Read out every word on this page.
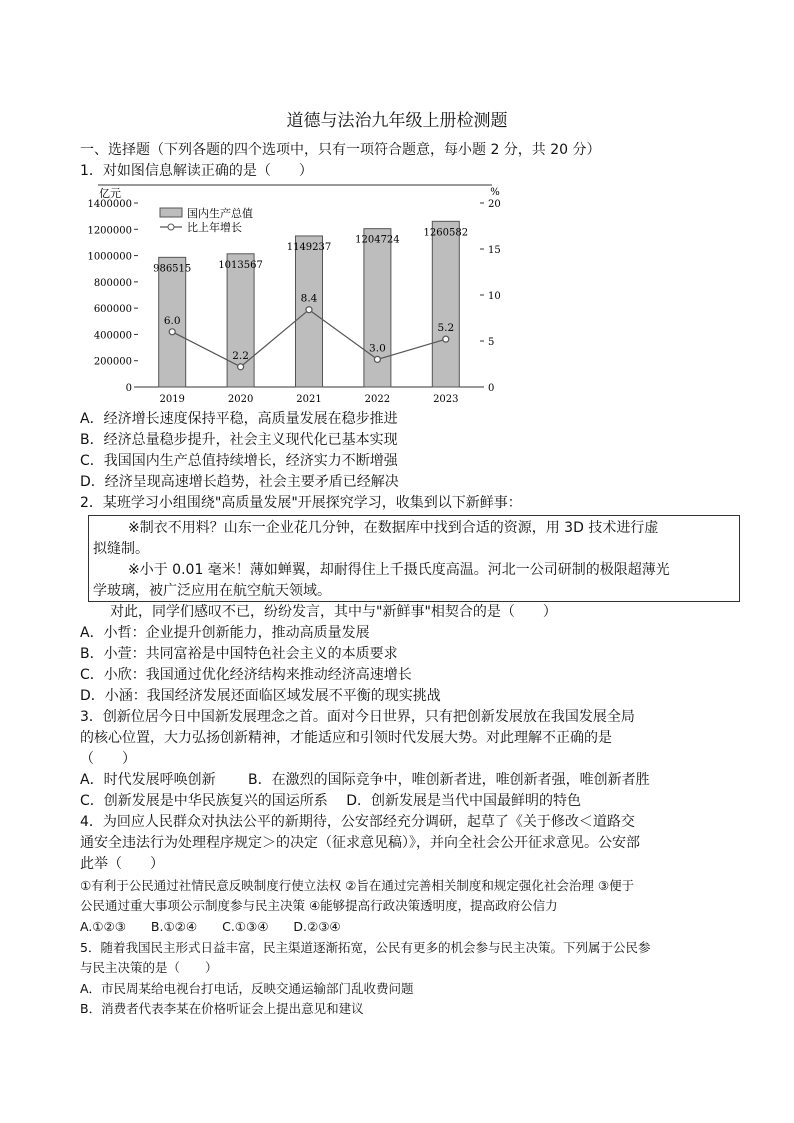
道德与法治九年级上册检测题
一、选择题（下列各题的四个选项中，只有一项符合题意，每小题 2 分，共 20 分）
1．对如图信息解读正确的是（　　）
0
200000
400000
600000
800000
1000000
1200000
1400000
亿元
0
5
10
15
20
%
986515
2019
1013567
2020
1149237
2021
1204724
2022
1260582
2023
6.0
2.2
8.4
3.0
5.2
国内生产总值
比上年增长
A．经济增长速度保持平稳，高质量发展在稳步推进
B．经济总量稳步提升，社会主义现代化已基本实现
C．我国国内生产总值持续增长，经济实力不断增强
D．经济呈现高速增长趋势，社会主要矛盾已经解决
2．某班学习小组围绕"高质量发展"开展探究学习，收集到以下新鲜事：
※制衣不用料？山东一企业花几分钟，在数据库中找到合适的资源，用 3D 技术进行虚
拟缝制。
※小于 0.01 毫米！薄如蝉翼，却耐得住上千摄氏度高温。河北一公司研制的极限超薄光
学玻璃，被广泛应用在航空航天领域。
对此，同学们感叹不已，纷纷发言，其中与"新鲜事"相契合的是（　　）
A．小哲：企业提升创新能力，推动高质量发展
B．小萱：共同富裕是中国特色社会主义的本质要求
C．小欣：我国通过优化经济结构来推动经济高速增长
D．小涵：我国经济发展还面临区域发展不平衡的现实挑战
3．创新位居今日中国新发展理念之首。面对今日世界，只有把创新发展放在我国发展全局
的核心位置，大力弘扬创新精神，才能适应和引领时代发展大势。对此理解不正确的是
（　　）
A．时代发展呼唤创新　　 B．在激烈的国际竞争中，唯创新者进，唯创新者强，唯创新者胜
C．创新发展是中华民族复兴的国运所系　 D．创新发展是当代中国最鲜明的特色
4．为回应人民群众对执法公平的新期待，公安部经充分调研，起草了《关于修改＜道路交
通安全违法行为处理程序规定＞的决定（征求意见稿）》，并向全社会公开征求意见。公安部
此举（　　）
①有利于公民通过社情民意反映制度行使立法权 ②旨在通过完善相关制度和规定强化社会治理 ③便于
公民通过重大事项公示制度参与民主决策 ④能够提高行政决策透明度，提高政府公信力
A.①②③　　B.①②④　　C.①③④　　D.②③④
5．随着我国民主形式日益丰富，民主渠道逐渐拓宽，公民有更多的机会参与民主决策。下列属于公民参
与民主决策的是（　　）
A．市民周某给电视台打电话，反映交通运输部门乱收费问题
B．消费者代表李某在价格听证会上提出意见和建议
